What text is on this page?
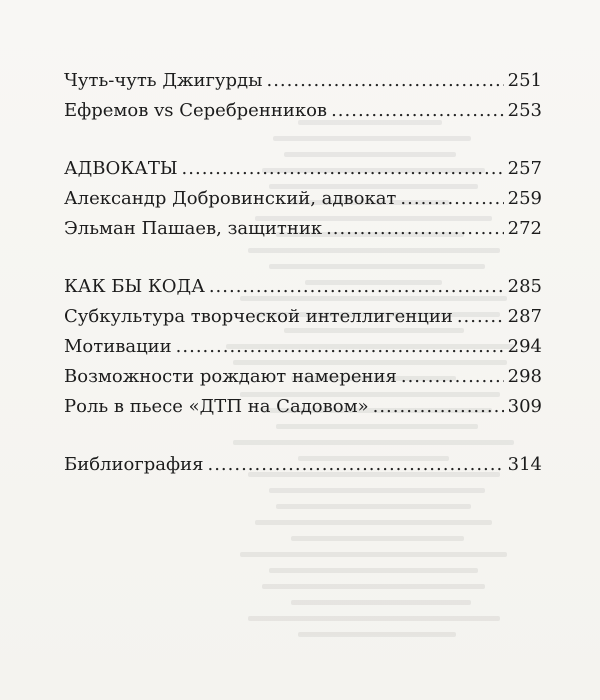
Чуть-чуть Джигурды .....	251
Ефремов vs Серебренников .....	253
АДВОКАТЫ .....	257
Александр Добровинский, адвокат .....	259
Эльман Пашаев, защитник .....	272
КАК БЫ КОДА .....	285
Субкультура творческой интеллигенции .....	287
Мотивации .....	294
Возможности рождают намерения .....	298
Роль в пьесе «ДТП на Садовом» .....	309
Библиография .....	314
